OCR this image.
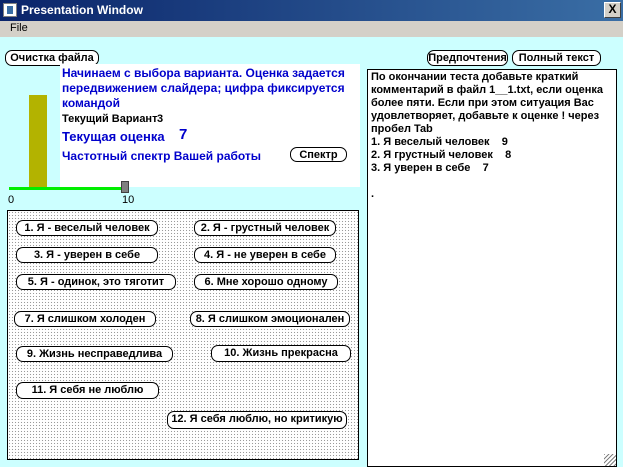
Presentation Window	X
File
Очистка файла	Предпочтения	Полный текст
Начинаем с выбора варианта. Оценка задается
передвижением слайдера; цифра фиксируется
командой
Текущий Вариант 3
Текущая оценка 7
Частотный спектр Вашей работы	Спектр
0	10
1. Я - веселый человек	2. Я - грустный человек
3. Я - уверен в себе	4. Я - не уверен в себе
5. Я - одинок, это тяготит	6. Мне хорошо одному
7. Я слишком холоден	8. Я слишком эмоционален
9. Жизнь несправедлива	10. Жизнь прекрасна
11. Я себя не люблю
12. Я себя люблю, но критикую
По окончании теста добавьте краткий
комментарий в файл 1__1.txt, если оценка
более пяти. Если при этом ситуация Вас
удовлетворяет, добавьте к оценке ! через
пробел Tab
1. Я веселый человек    9
2. Я грустный человек    8
3. Я уверен в себе    7

.
